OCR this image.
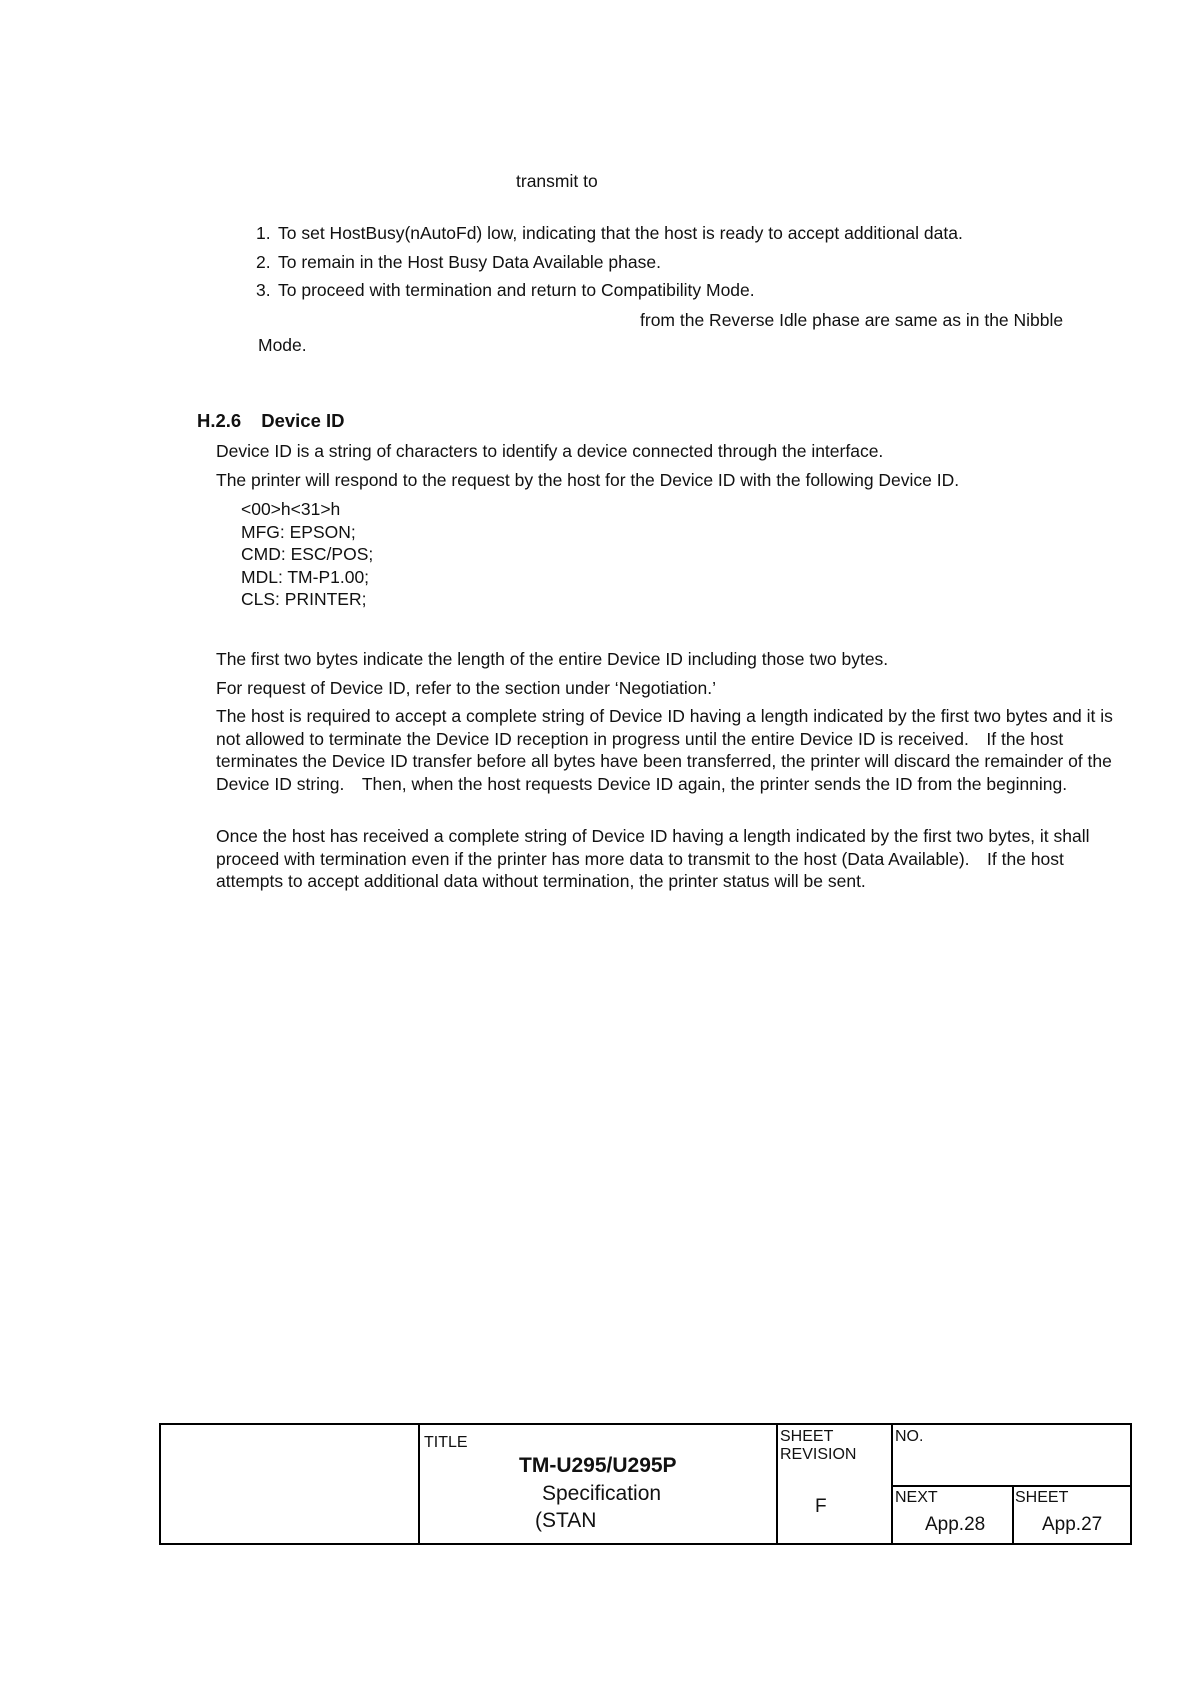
transmit to
1. To set HostBusy(nAutoFd) low, indicating that the host is ready to accept additional data.
2. To remain in the Host Busy Data Available phase.
3. To proceed with termination and return to Compatibility Mode.
from the Reverse Idle phase are same as in the Nibble
Mode.
H.2.6 Device ID
Device ID is a string of characters to identify a device connected through the interface.
The printer will respond to the request by the host for the Device ID with the following Device ID.
<00>h<31>h
MFG: EPSON;
CMD: ESC/POS;
MDL: TM-P1.00;
CLS: PRINTER;
The first two bytes indicate the length of the entire Device ID including those two bytes.
For request of Device ID, refer to the section under ‘Negotiation.’
The host is required to accept a complete string of Device ID having a length indicated by the first two bytes and it is not allowed to terminate the Device ID reception in progress until the entire Device ID is received.　If the host terminates the Device ID transfer before all bytes have been transferred, the printer will discard the remainder of the Device ID string.　Then, when the host requests Device ID again, the printer sends the ID from the beginning.
Once the host has received a complete string of Device ID having a length indicated by the first two bytes, it shall proceed with termination even if the printer has more data to transmit to the host (Data Available).　If the host attempts to accept additional data without termination, the printer status will be sent.
TITLE
TM-U295/U295P
Specification
(STAN
SHEET
REVISION
F
NO.
NEXT
App.28
SHEET
App.27
